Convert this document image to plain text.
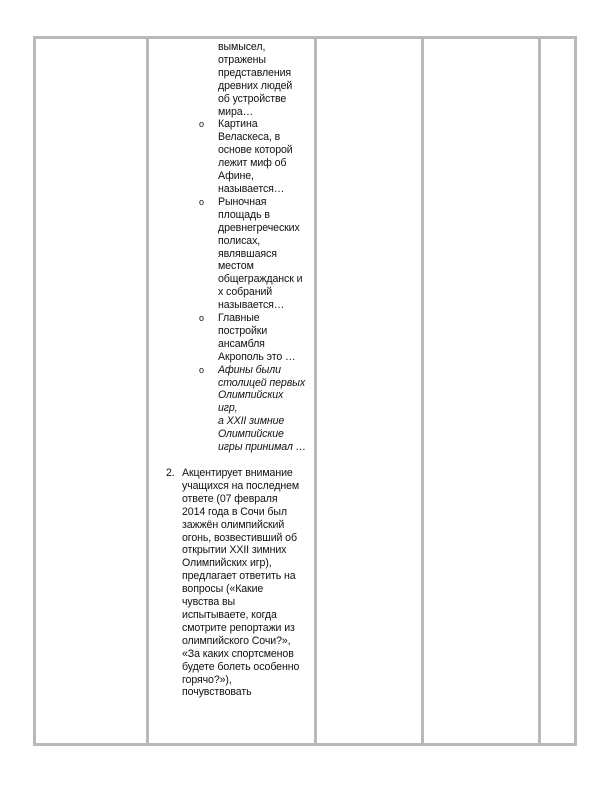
вымысел,
отражены
представления
древних людей
об устройстве
мира…
o Картина
Веласкеса, в
основе которой
лежит миф об
Афине,
называется…
o Рыночная
площадь в
древнегреческих
полисах,
являвшаяся
местом
общегражданск и
х собраний
называется…
o Главные
постройки
ансамбля
Акрополь это …
o Афины были
столицей первых
Олимпийских
игр,
а XXII зимние
Олимпийские
игры принимал …
2. Акцентирует внимание
учащихся на последнем
ответе (07 февраля
2014 года в Сочи был
зажжён олимпийский
огонь, возвестивший об
открытии XXII зимних
Олимпийских игр),
предлагает ответить на
вопросы («Какие
чувства вы
испытываете, когда
смотрите репортажи из
олимпийского Сочи?»,
«За каких спортсменов
будете болеть особенно
горячо?»),
почувствовать
